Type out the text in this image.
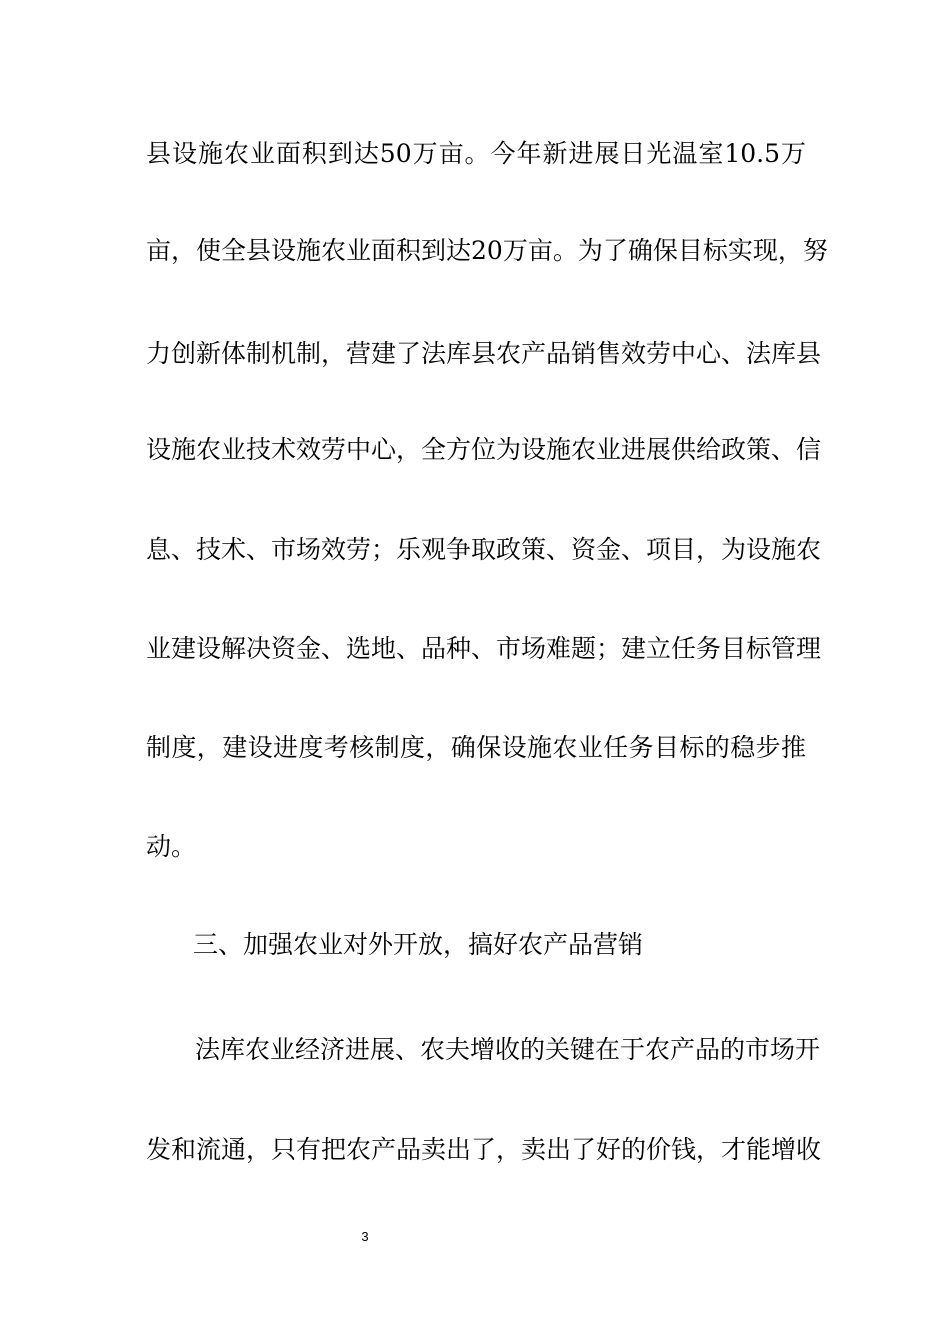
县设施农业面积到达50万亩。今年新进展日光温室10.5万
亩，使全县设施农业面积到达20万亩。为了确保目标实现，努
力创新体制机制，营建了法库县农产品销售效劳中心、法库县
设施农业技术效劳中心，全方位为设施农业进展供给政策、信
息、技术、市场效劳；乐观争取政策、资金、项目，为设施农
业建设解决资金、选地、品种、市场难题；建立任务目标管理
制度，建设进度考核制度，确保设施农业任务目标的稳步推
动。
三、加强农业对外开放，搞好农产品营销
法库农业经济进展、农夫增收的关键在于农产品的市场开
发和流通，只有把农产品卖出了，卖出了好的价钱，才能增收
3
